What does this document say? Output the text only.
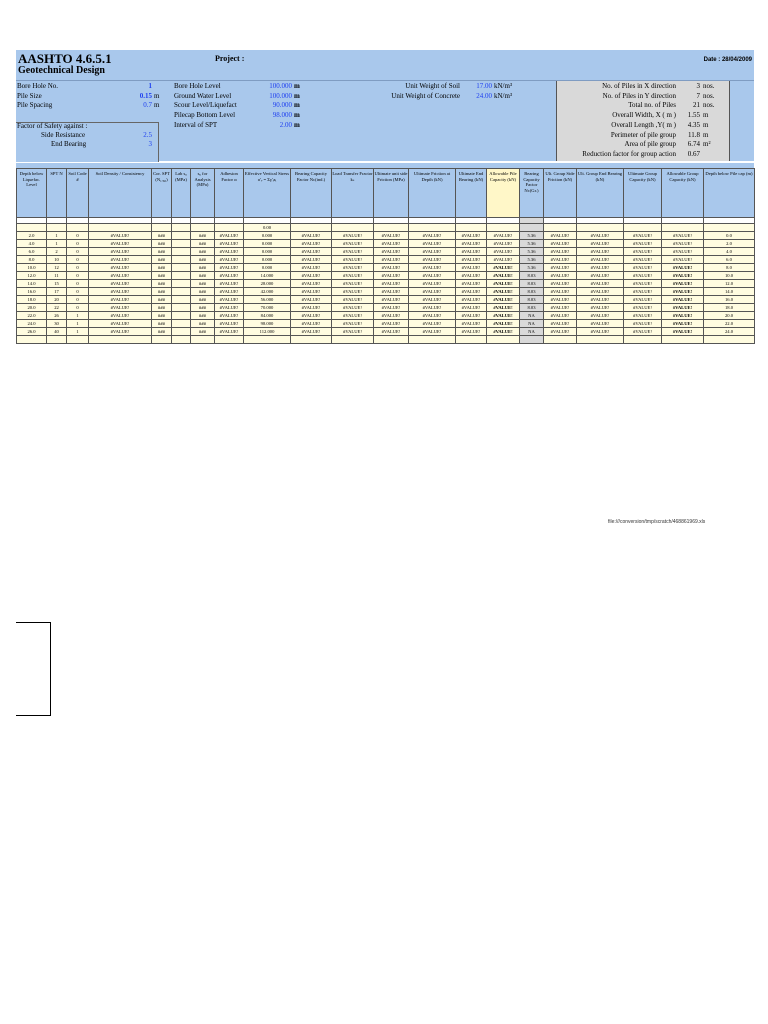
AASHTO 4.6.5.1
Geotechnical Design
Project :	Date : 28/04/2009
Bore Hole No.	1
Pile Size	0.15 m
Pile Spacing	0.7 m
Factor of Safety against :
Side Resistance	2.5
End Bearing	3
Bore Hole Level	100.000 m
Ground Water Level	100.000 m
Scour Level/Liquefact	90.000 m
Pilecap Bottom Level	98.000 m
Interval of SPT	2.00 m
Unit Weight of Soil	17.00 kN/m³
Unit Weight of Concrete	24.00 kN/m³
No. of Piles in X direction	3 nos.
No. of Piles in Y direction	7 nos.
Total no. of Piles	21 nos.
Overall Width, X ( m )	1.55 m
Overall Length ,Y( m )	4.35 m
Perimeter of pile group	11.8 m
Area of pile group	6.74 m²
Reduction factor for group action	0.67
Depth below Liquefac. Level	SPT N	Soil Code #	Soil Density / Consistency	Cor. SPT (N₁,₆₀)	Lab sᵤ (MPa)	sᵤ for Analysis (MPa)	Adhesion Factor α	Effective Vertical Stress σ'ᵥ = Σγ'ᵢzᵢ	Bearing Capacity Factor Nc(ind.)	Load Transfer Fractor kₛ	Ultimate unit side Friction (MPa)	Ultimate Friction at Depth (kN)	Ultimate End Bearing (kN)	Allowable Pile Capacity (kN)	Bearing Capacity Factor Nc(Gr.)	Ult. Group Side Friction (kN)	Ult. Group End Bearing (kN)	Ultimate Group Capacity (kN)	Allowable Group Capacity (kN)	Depth below Pile cap (m)

								0.00												
2.0	1	0	#VALUE!	###		###	#VALUE!	0.000	#VALUE!	#VALUE!	#VALUE!	#VALUE!	#VALUE!	#VALUE!	5.36	#VALUE!	#VALUE!	#VALUE!	#VALUE!	0.0
4.0	1	0	#VALUE!	###		###	#VALUE!	0.000	#VALUE!	#VALUE!	#VALUE!	#VALUE!	#VALUE!	#VALUE!	5.36	#VALUE!	#VALUE!	#VALUE!	#VALUE!	2.0
6.0	2	0	#VALUE!	###		###	#VALUE!	0.000	#VALUE!	#VALUE!	#VALUE!	#VALUE!	#VALUE!	#VALUE!	5.36	#VALUE!	#VALUE!	#VALUE!	#VALUE!	4.0
8.0	10	0	#VALUE!	###		###	#VALUE!	0.000	#VALUE!	#VALUE!	#VALUE!	#VALUE!	#VALUE!	#VALUE!	5.36	#VALUE!	#VALUE!	#VALUE!	#VALUE!	6.0
10.0	12	0	#VALUE!	###		###	#VALUE!	0.000	#VALUE!	#VALUE!	#VALUE!	#VALUE!	#VALUE!	#VALUE!	5.36	#VALUE!	#VALUE!	#VALUE!	#VALUE!	8.0
12.0	11	0	#VALUE!	###		###	#VALUE!	14.000	#VALUE!	#VALUE!	#VALUE!	#VALUE!	#VALUE!	#VALUE!	8.03	#VALUE!	#VALUE!	#VALUE!	#VALUE!	10.0
14.0	15	0	#VALUE!	###		###	#VALUE!	28.000	#VALUE!	#VALUE!	#VALUE!	#VALUE!	#VALUE!	#VALUE!	8.03	#VALUE!	#VALUE!	#VALUE!	#VALUE!	12.0
16.0	17	0	#VALUE!	###		###	#VALUE!	42.000	#VALUE!	#VALUE!	#VALUE!	#VALUE!	#VALUE!	#VALUE!	8.03	#VALUE!	#VALUE!	#VALUE!	#VALUE!	14.0
18.0	20	0	#VALUE!	###		###	#VALUE!	56.000	#VALUE!	#VALUE!	#VALUE!	#VALUE!	#VALUE!	#VALUE!	8.03	#VALUE!	#VALUE!	#VALUE!	#VALUE!	16.0
20.0	22	0	#VALUE!	###		###	#VALUE!	70.000	#VALUE!	#VALUE!	#VALUE!	#VALUE!	#VALUE!	#VALUE!	8.03	#VALUE!	#VALUE!	#VALUE!	#VALUE!	18.0
22.0	26	1	#VALUE!	###		###	#VALUE!	84.000	#VALUE!	#VALUE!	#VALUE!	#VALUE!	#VALUE!	#VALUE!	NA	#VALUE!	#VALUE!	#VALUE!	#VALUE!	20.0
24.0	30	1	#VALUE!	###		###	#VALUE!	98.000	#VALUE!	#VALUE!	#VALUE!	#VALUE!	#VALUE!	#VALUE!	NA	#VALUE!	#VALUE!	#VALUE!	#VALUE!	22.0
26.0	40	1	#VALUE!	###		###	#VALUE!	112.000	#VALUE!	#VALUE!	#VALUE!	#VALUE!	#VALUE!	#VALUE!	NA	#VALUE!	#VALUE!	#VALUE!	#VALUE!	24.0

file:///conversion/tmp/scratch/468861969.xls
